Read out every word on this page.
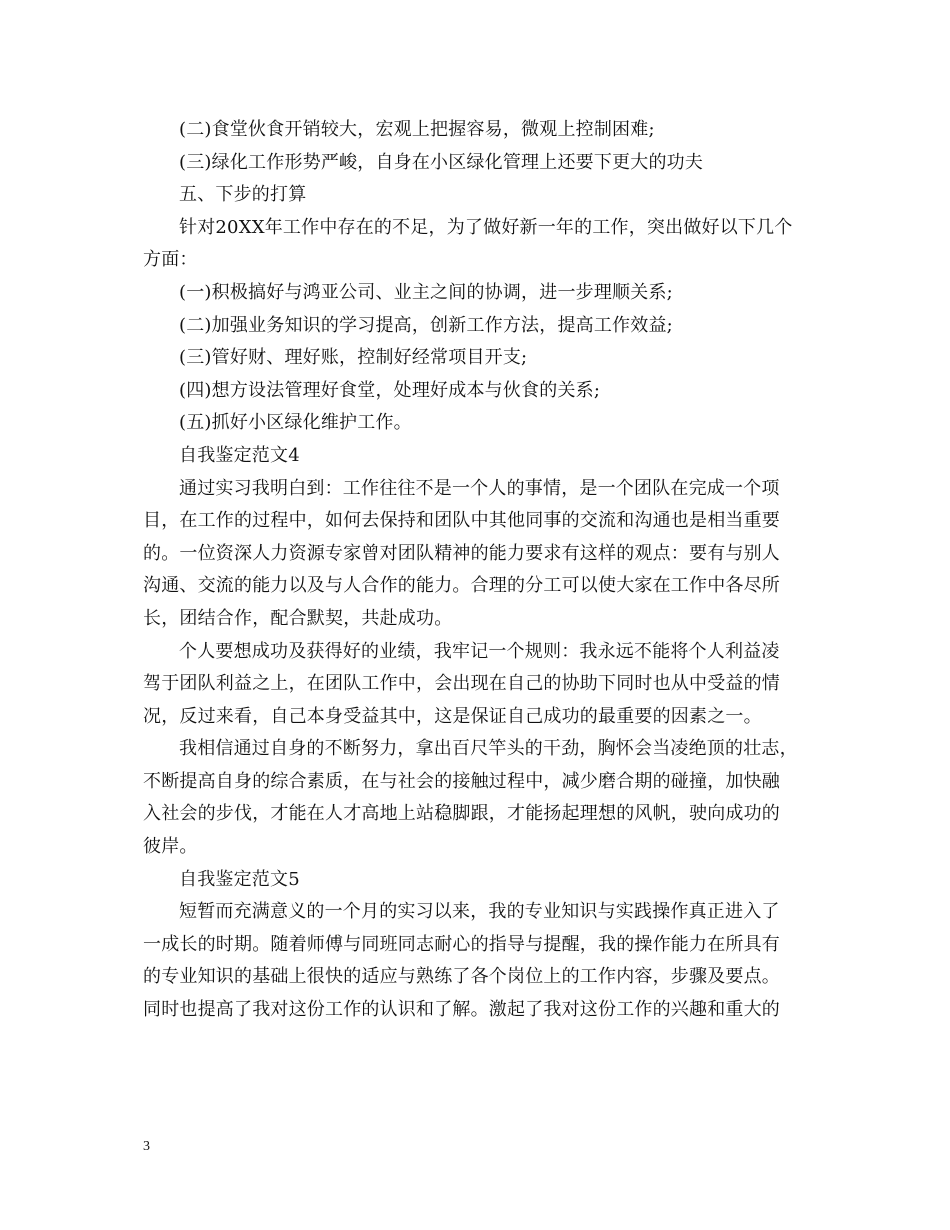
(二)食堂伙食开销较大，宏观上把握容易，微观上控制困难;

(三)绿化工作形势严峻，自身在小区绿化管理上还要下更大的功夫

五、下步的打算

针对20XX年工作中存在的不足，为了做好新一年的工作，突出做好以下几个

方面：

(一)积极搞好与鸿亚公司、业主之间的协调，进一步理顺关系;

(二)加强业务知识的学习提高，创新工作方法，提高工作效益;

(三)管好财、理好账，控制好经常项目开支;

(四)想方设法管理好食堂，处理好成本与伙食的关系;

(五)抓好小区绿化维护工作。

自我鉴定范文4

通过实习我明白到：工作往往不是一个人的事情，是一个团队在完成一个项

目，在工作的过程中，如何去保持和团队中其他同事的交流和沟通也是相当重要

的。一位资深人力资源专家曾对团队精神的能力要求有这样的观点：要有与别人

沟通、交流的能力以及与人合作的能力。合理的分工可以使大家在工作中各尽所

长，团结合作，配合默契，共赴成功。

个人要想成功及获得好的业绩，我牢记一个规则：我永远不能将个人利益凌

驾于团队利益之上，在团队工作中，会出现在自己的协助下同时也从中受益的情

况，反过来看，自己本身受益其中，这是保证自己成功的最重要的因素之一。

我相信通过自身的不断努力，拿出百尺竿头的干劲，胸怀会当凌绝顶的壮志，

不断提高自身的综合素质，在与社会的接触过程中，减少磨合期的碰撞，加快融

入社会的步伐，才能在人才高地上站稳脚跟，才能扬起理想的风帆，驶向成功的

彼岸。

自我鉴定范文5

短暂而充满意义的一个月的实习以来，我的专业知识与实践操作真正进入了

一成长的时期。随着师傅与同班同志耐心的指导与提醒，我的操作能力在所具有

的专业知识的基础上很快的适应与熟练了各个岗位上的工作内容，步骤及要点。

同时也提高了我对这份工作的认识和了解。激起了我对这份工作的兴趣和重大的

3
